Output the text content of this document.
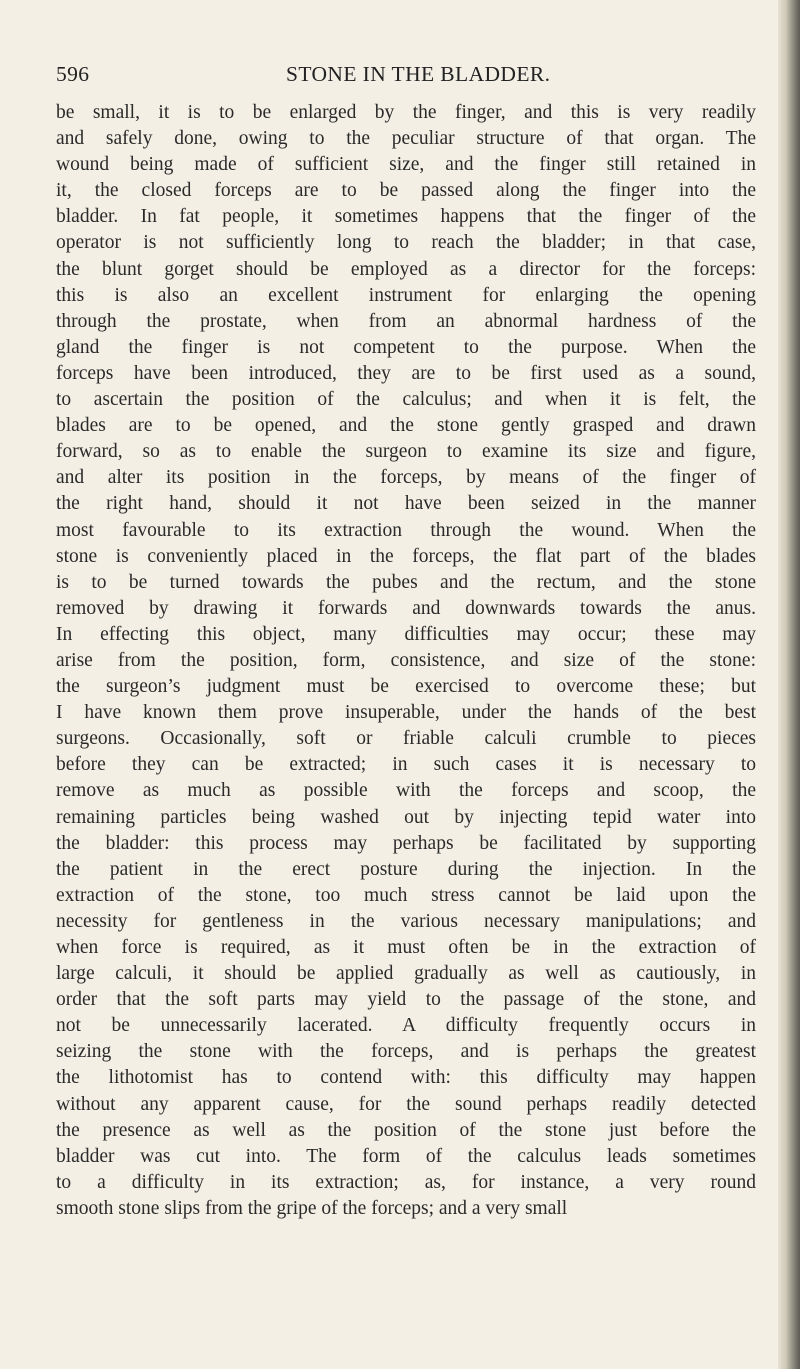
596	STONE IN THE BLADDER.
be small, it is to be enlarged by the finger, and this is very readily
and safely done, owing to the peculiar structure of that organ. The
wound being made of sufficient size, and the finger still retained in
it, the closed forceps are to be passed along the finger into the
bladder. In fat people, it sometimes happens that the finger of the
operator is not sufficiently long to reach the bladder; in that case,
the blunt gorget should be employed as a director for the forceps:
this is also an excellent instrument for enlarging the opening
through the prostate, when from an abnormal hardness of the
gland the finger is not competent to the purpose. When the
forceps have been introduced, they are to be first used as a sound,
to ascertain the position of the calculus; and when it is felt, the
blades are to be opened, and the stone gently grasped and drawn
forward, so as to enable the surgeon to examine its size and figure,
and alter its position in the forceps, by means of the finger of
the right hand, should it not have been seized in the manner
most favourable to its extraction through the wound. When the
stone is conveniently placed in the forceps, the flat part of the blades
is to be turned towards the pubes and the rectum, and the stone
removed by drawing it forwards and downwards towards the anus.
In effecting this object, many difficulties may occur; these may
arise from the position, form, consistence, and size of the stone:
the surgeon’s judgment must be exercised to overcome these; but
I have known them prove insuperable, under the hands of the best
surgeons. Occasionally, soft or friable calculi crumble to pieces
before they can be extracted; in such cases it is necessary to
remove as much as possible with the forceps and scoop, the
remaining particles being washed out by injecting tepid water into
the bladder: this process may perhaps be facilitated by supporting
the patient in the erect posture during the injection. In the
extraction of the stone, too much stress cannot be laid upon the
necessity for gentleness in the various necessary manipulations; and
when force is required, as it must often be in the extraction of
large calculi, it should be applied gradually as well as cautiously, in
order that the soft parts may yield to the passage of the stone, and
not be unnecessarily lacerated. A difficulty frequently occurs in
seizing the stone with the forceps, and is perhaps the greatest
the lithotomist has to contend with: this difficulty may happen
without any apparent cause, for the sound perhaps readily detected
the presence as well as the position of the stone just before the
bladder was cut into. The form of the calculus leads sometimes
to a difficulty in its extraction; as, for instance, a very round
smooth stone slips from the gripe of the forceps; and a very small
